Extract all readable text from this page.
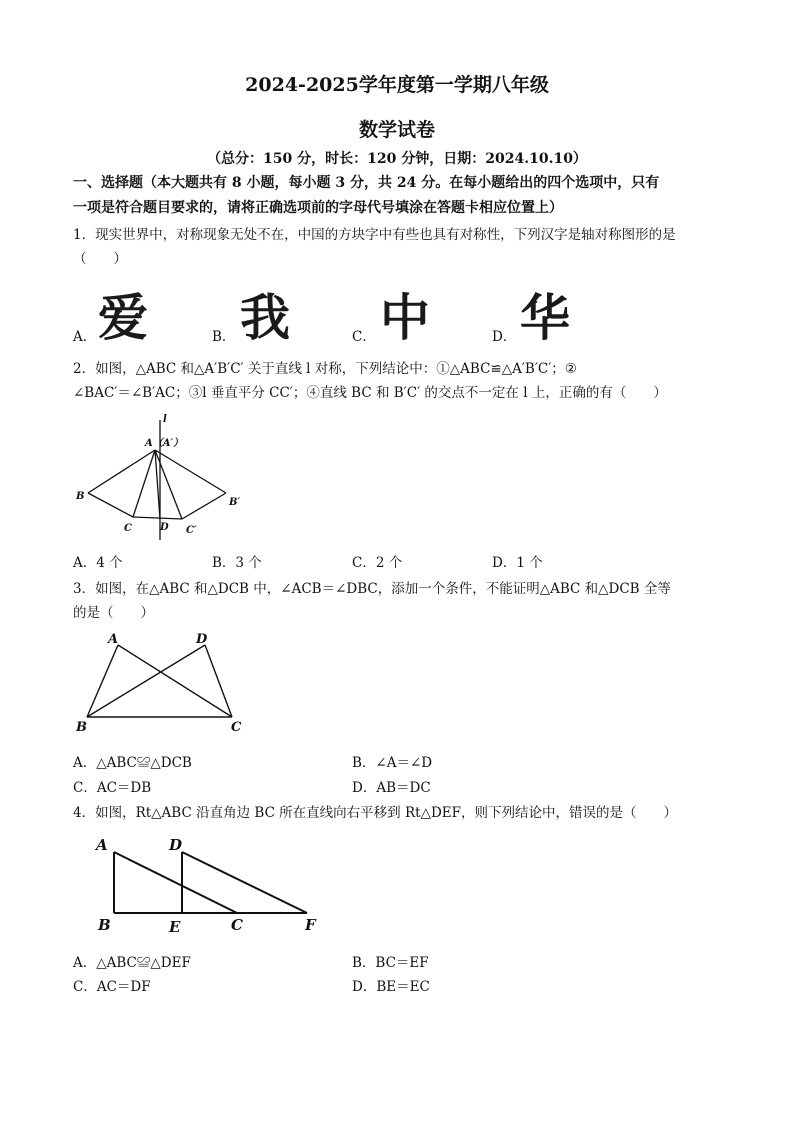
2024-2025学年度第一学期八年级
数学试卷
（总分：150 分，时长：120 分钟，日期：2024.10.10）
一、选择题（本大题共有 8 小题，每小题 3 分，共 24 分。在每小题给出的四个选项中，只有
一项是符合题目要求的，请将正确选项前的字母代号填涂在答题卡相应位置上）
1．现实世界中，对称现象无处不在，中国的方块字中有些也具有对称性，下列汉字是轴对称图形的是
（　　）
A． 爱	B． 我	C． 中	D． 华
2．如图，△ABC 和△A′B′C′ 关于直线 l 对称，下列结论中：①△ABC≌△A′B′C′；②
∠BAC′＝∠B′AC；③l 垂直平分 CC′；④直线 BC 和 B′C′ 的交点不一定在 l 上，正确的有（　　）
l
A（A′）
B
B′
C	D C′
A．4 个	B．3 个	C．2 个	D．1 个
3．如图，在△ABC 和△DCB 中，∠ACB＝∠DBC，添加一个条件，不能证明△ABC 和△DCB 全等
的是（　　）
A	D
B	C
A．△ABC≌△DCB	B．∠A＝∠D
C．AC＝DB	D．AB＝DC
4．如图，Rt△ABC 沿直角边 BC 所在直线向右平移到 Rt△DEF，则下列结论中，错误的是（　　）
A	D
B	E	C	F
A．△ABC≌△DEF	B．BC＝EF
C．AC＝DF	D．BE＝EC
